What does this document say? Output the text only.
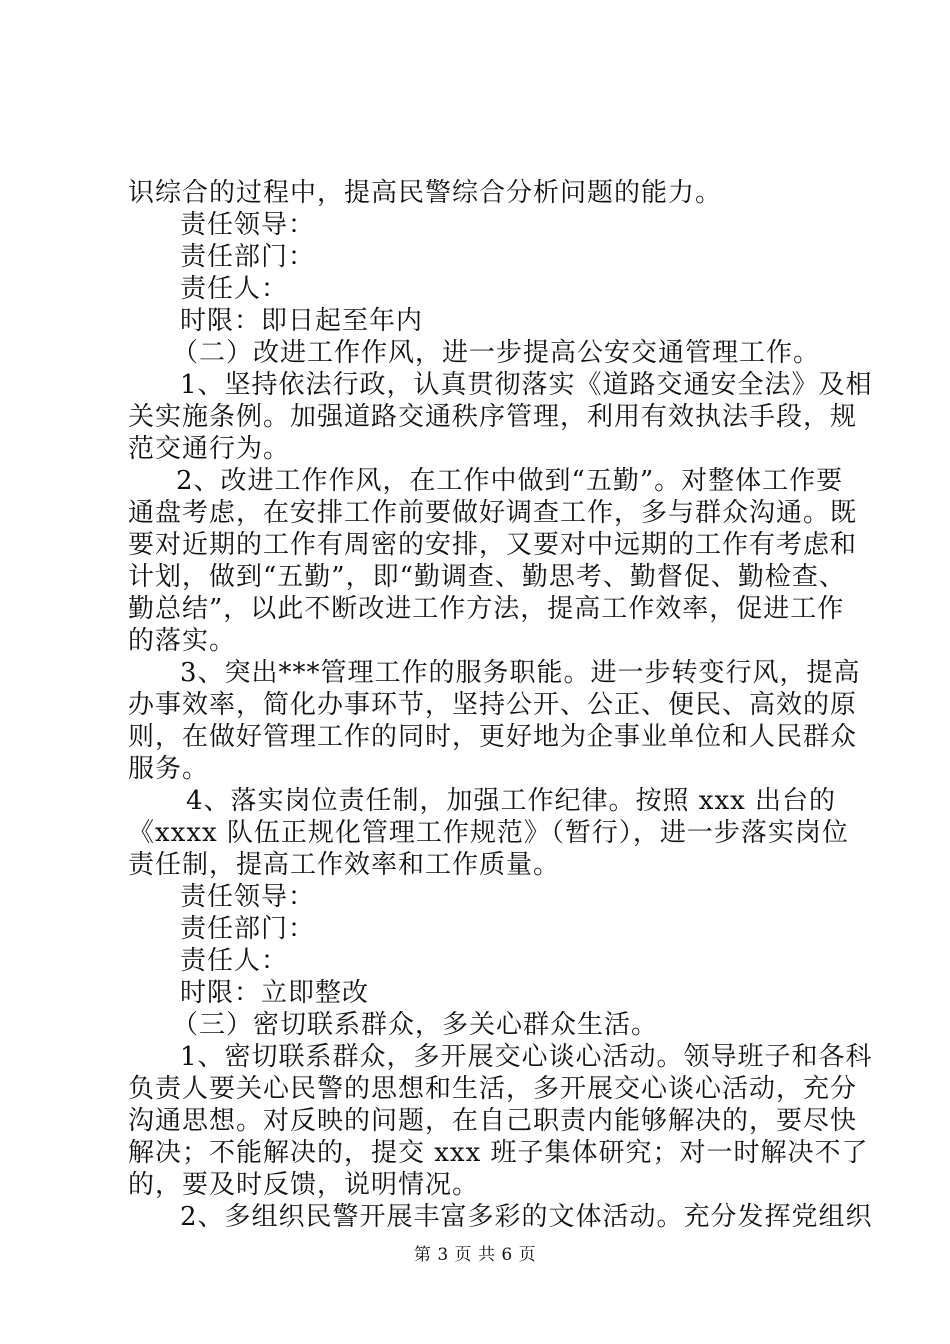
识综合的过程中，提高民警综合分析问题的能力。
责任领导：
责任部门：
责任人：
时限：即日起至年内
（二）改进工作作风，进一步提高公安交通管理工作。
1、坚持依法行政，认真贯彻落实《道路交通安全法》及相
关实施条例。加强道路交通秩序管理，利用有效执法手段，规
范交通行为。
2、改进工作作风，在工作中做到“五勤”。对整体工作要
通盘考虑，在安排工作前要做好调查工作，多与群众沟通。既
要对近期的工作有周密的安排，又要对中远期的工作有考虑和
计划，做到“五勤”，即“勤调查、勤思考、勤督促、勤检查、
勤总结”，以此不断改进工作方法，提高工作效率，促进工作
的落实。
3、突出***管理工作的服务职能。进一步转变行风，提高
办事效率，简化办事环节，坚持公开、公正、便民、高效的原
则，在做好管理工作的同时，更好地为企事业单位和人民群众
服务。
4、落实岗位责任制，加强工作纪律。按照 xxx 出台的
《xxxx 队伍正规化管理工作规范》（暂行），进一步落实岗位
责任制，提高工作效率和工作质量。
责任领导：
责任部门：
责任人：
时限：立即整改
（三）密切联系群众，多关心群众生活。
1、密切联系群众，多开展交心谈心活动。领导班子和各科
负责人要关心民警的思想和生活，多开展交心谈心活动，充分
沟通思想。对反映的问题，在自己职责内能够解决的，要尽快
解决；不能解决的，提交 xxx 班子集体研究；对一时解决不了
的，要及时反馈，说明情况。
2、多组织民警开展丰富多彩的文体活动。充分发挥党组织
第 3 页 共 6 页
